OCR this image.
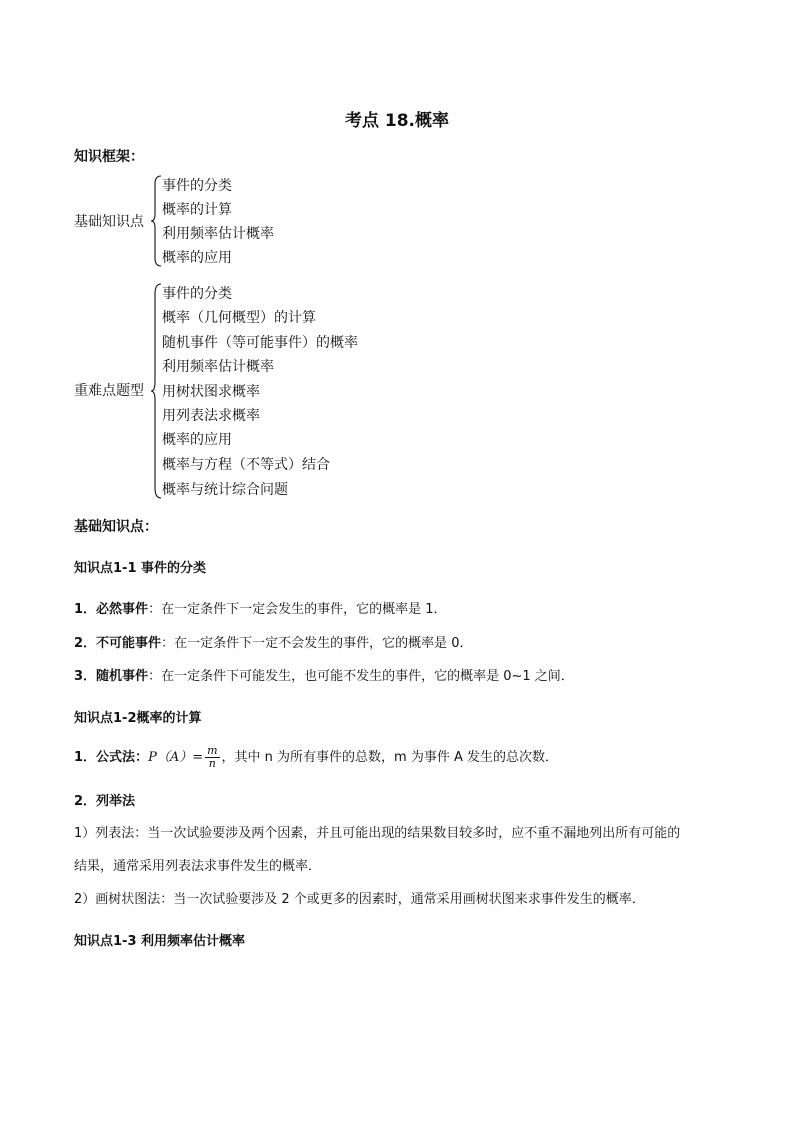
考点 18.概率
知识框架：
基础知识点
事件的分类
概率的计算
利用频率估计概率
概率的应用
重难点题型
事件的分类
概率（几何概型）的计算
随机事件（等可能事件）的概率
利用频率估计概率
用树状图求概率
用列表法求概率
概率的应用
概率与方程（不等式）结合
概率与统计综合问题
基础知识点：
知识点1-1 事件的分类
1．必然事件：在一定条件下一定会发生的事件，它的概率是 1．
2．不可能事件：在一定条件下一定不会发生的事件，它的概率是 0．
3．随机事件：在一定条件下可能发生，也可能不发生的事件，它的概率是 0~1 之间．
知识点1-2概率的计算
1．公式法：$P(A)= \frac{m}{n}$ ，其中 n 为所有事件的总数，m 为事件 A 发生的总次数．
2．列举法
1）列表法：当一次试验要涉及两个因素，并且可能出现的结果数目较多时，应不重不漏地列出所有可能的
结果，通常采用列表法求事件发生的概率．
2）画树状图法：当一次试验要涉及 2 个或更多的因素时，通常采用画树状图来求事件发生的概率．
知识点1-3 利用频率估计概率
